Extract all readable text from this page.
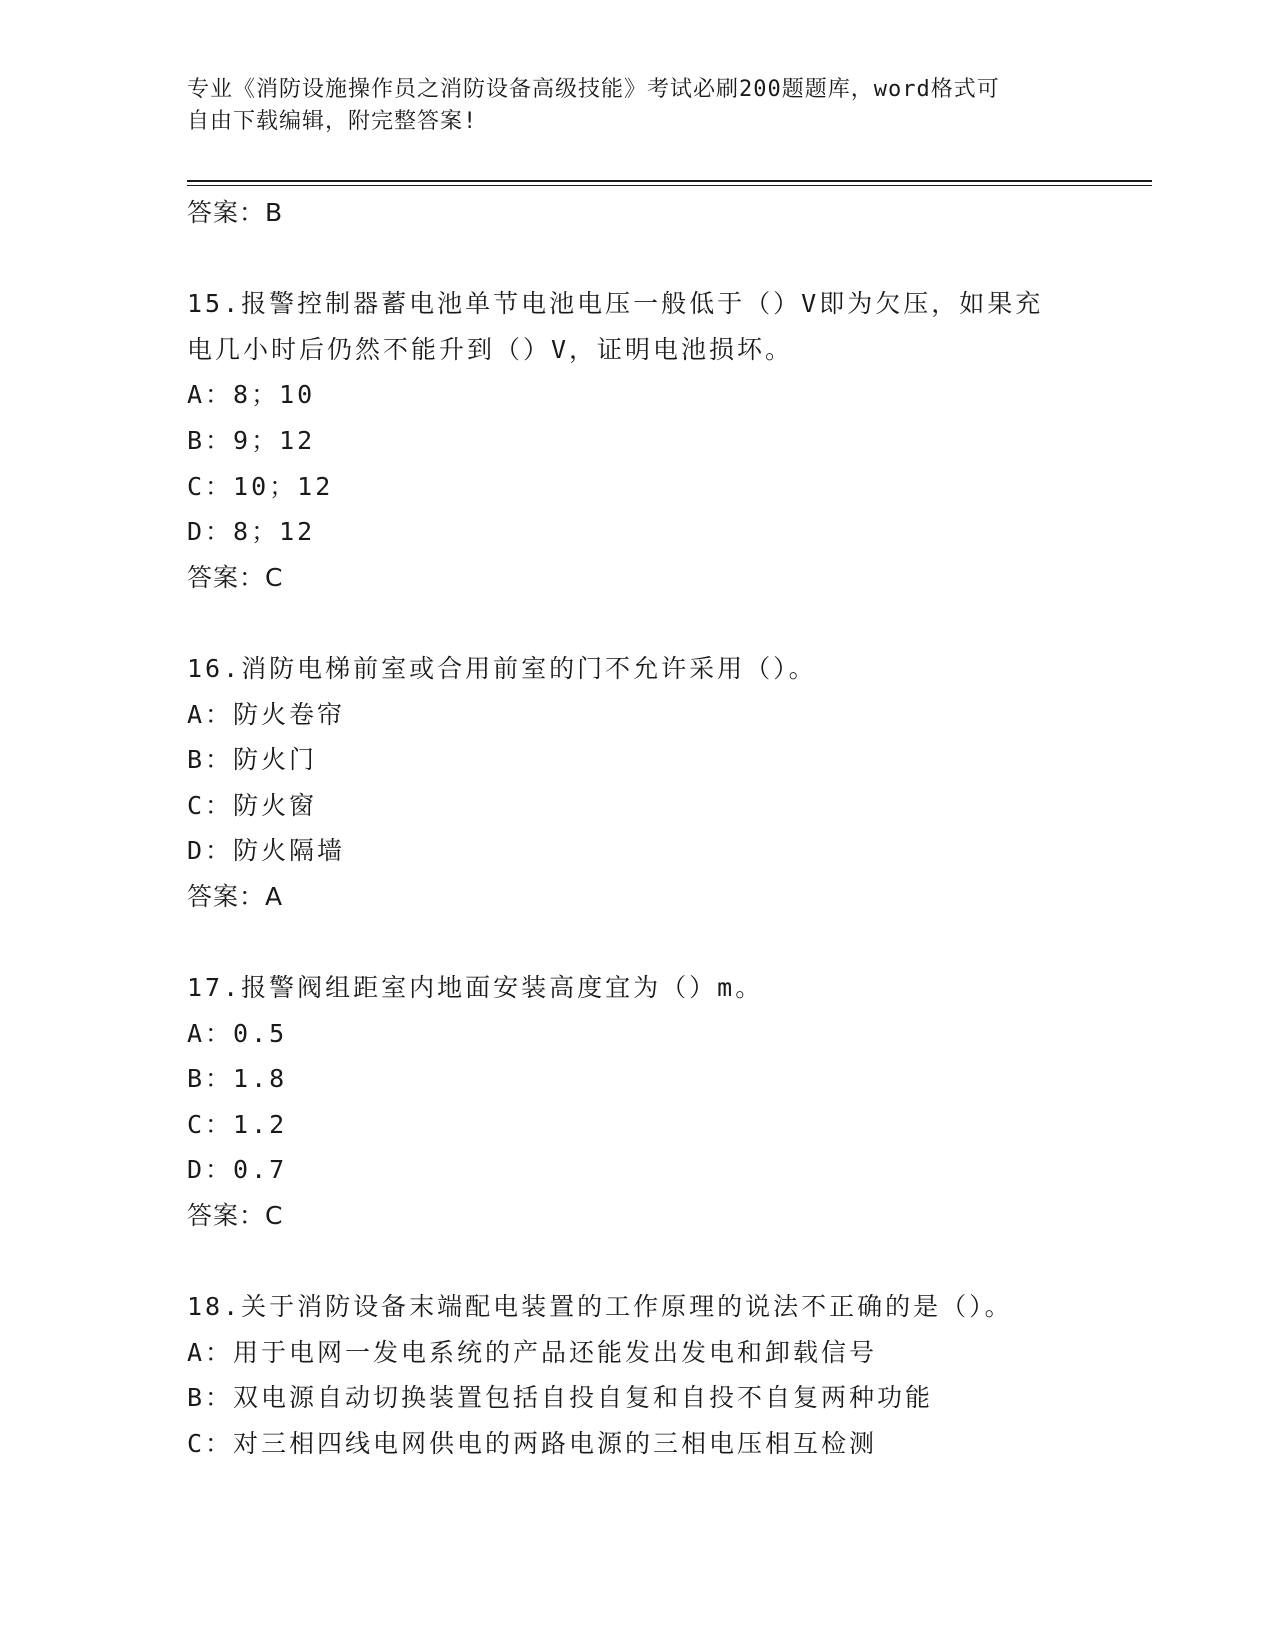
专业《消防设施操作员之消防设备高级技能》考试必刷200题题库，word格式可
自由下载编辑，附完整答案!
答案：B
15.报警控制器蓄电池单节电池电压一般低于（）V即为欠压，如果充
电几小时后仍然不能升到（）V，证明电池损坏。
A：8；10
B：9；12
C：10；12
D：8；12
答案：C
16.消防电梯前室或合用前室的门不允许采用（）。
A：防火卷帘
B：防火门
C：防火窗
D：防火隔墙
答案：A
17.报警阀组距室内地面安装高度宜为（）m。
A：0.5
B：1.8
C：1.2
D：0.7
答案：C
18.关于消防设备末端配电装置的工作原理的说法不正确的是（）。
A：用于电网一发电系统的产品还能发出发电和卸载信号
B：双电源自动切换装置包括自投自复和自投不自复两种功能
C：对三相四线电网供电的两路电源的三相电压相互检测
